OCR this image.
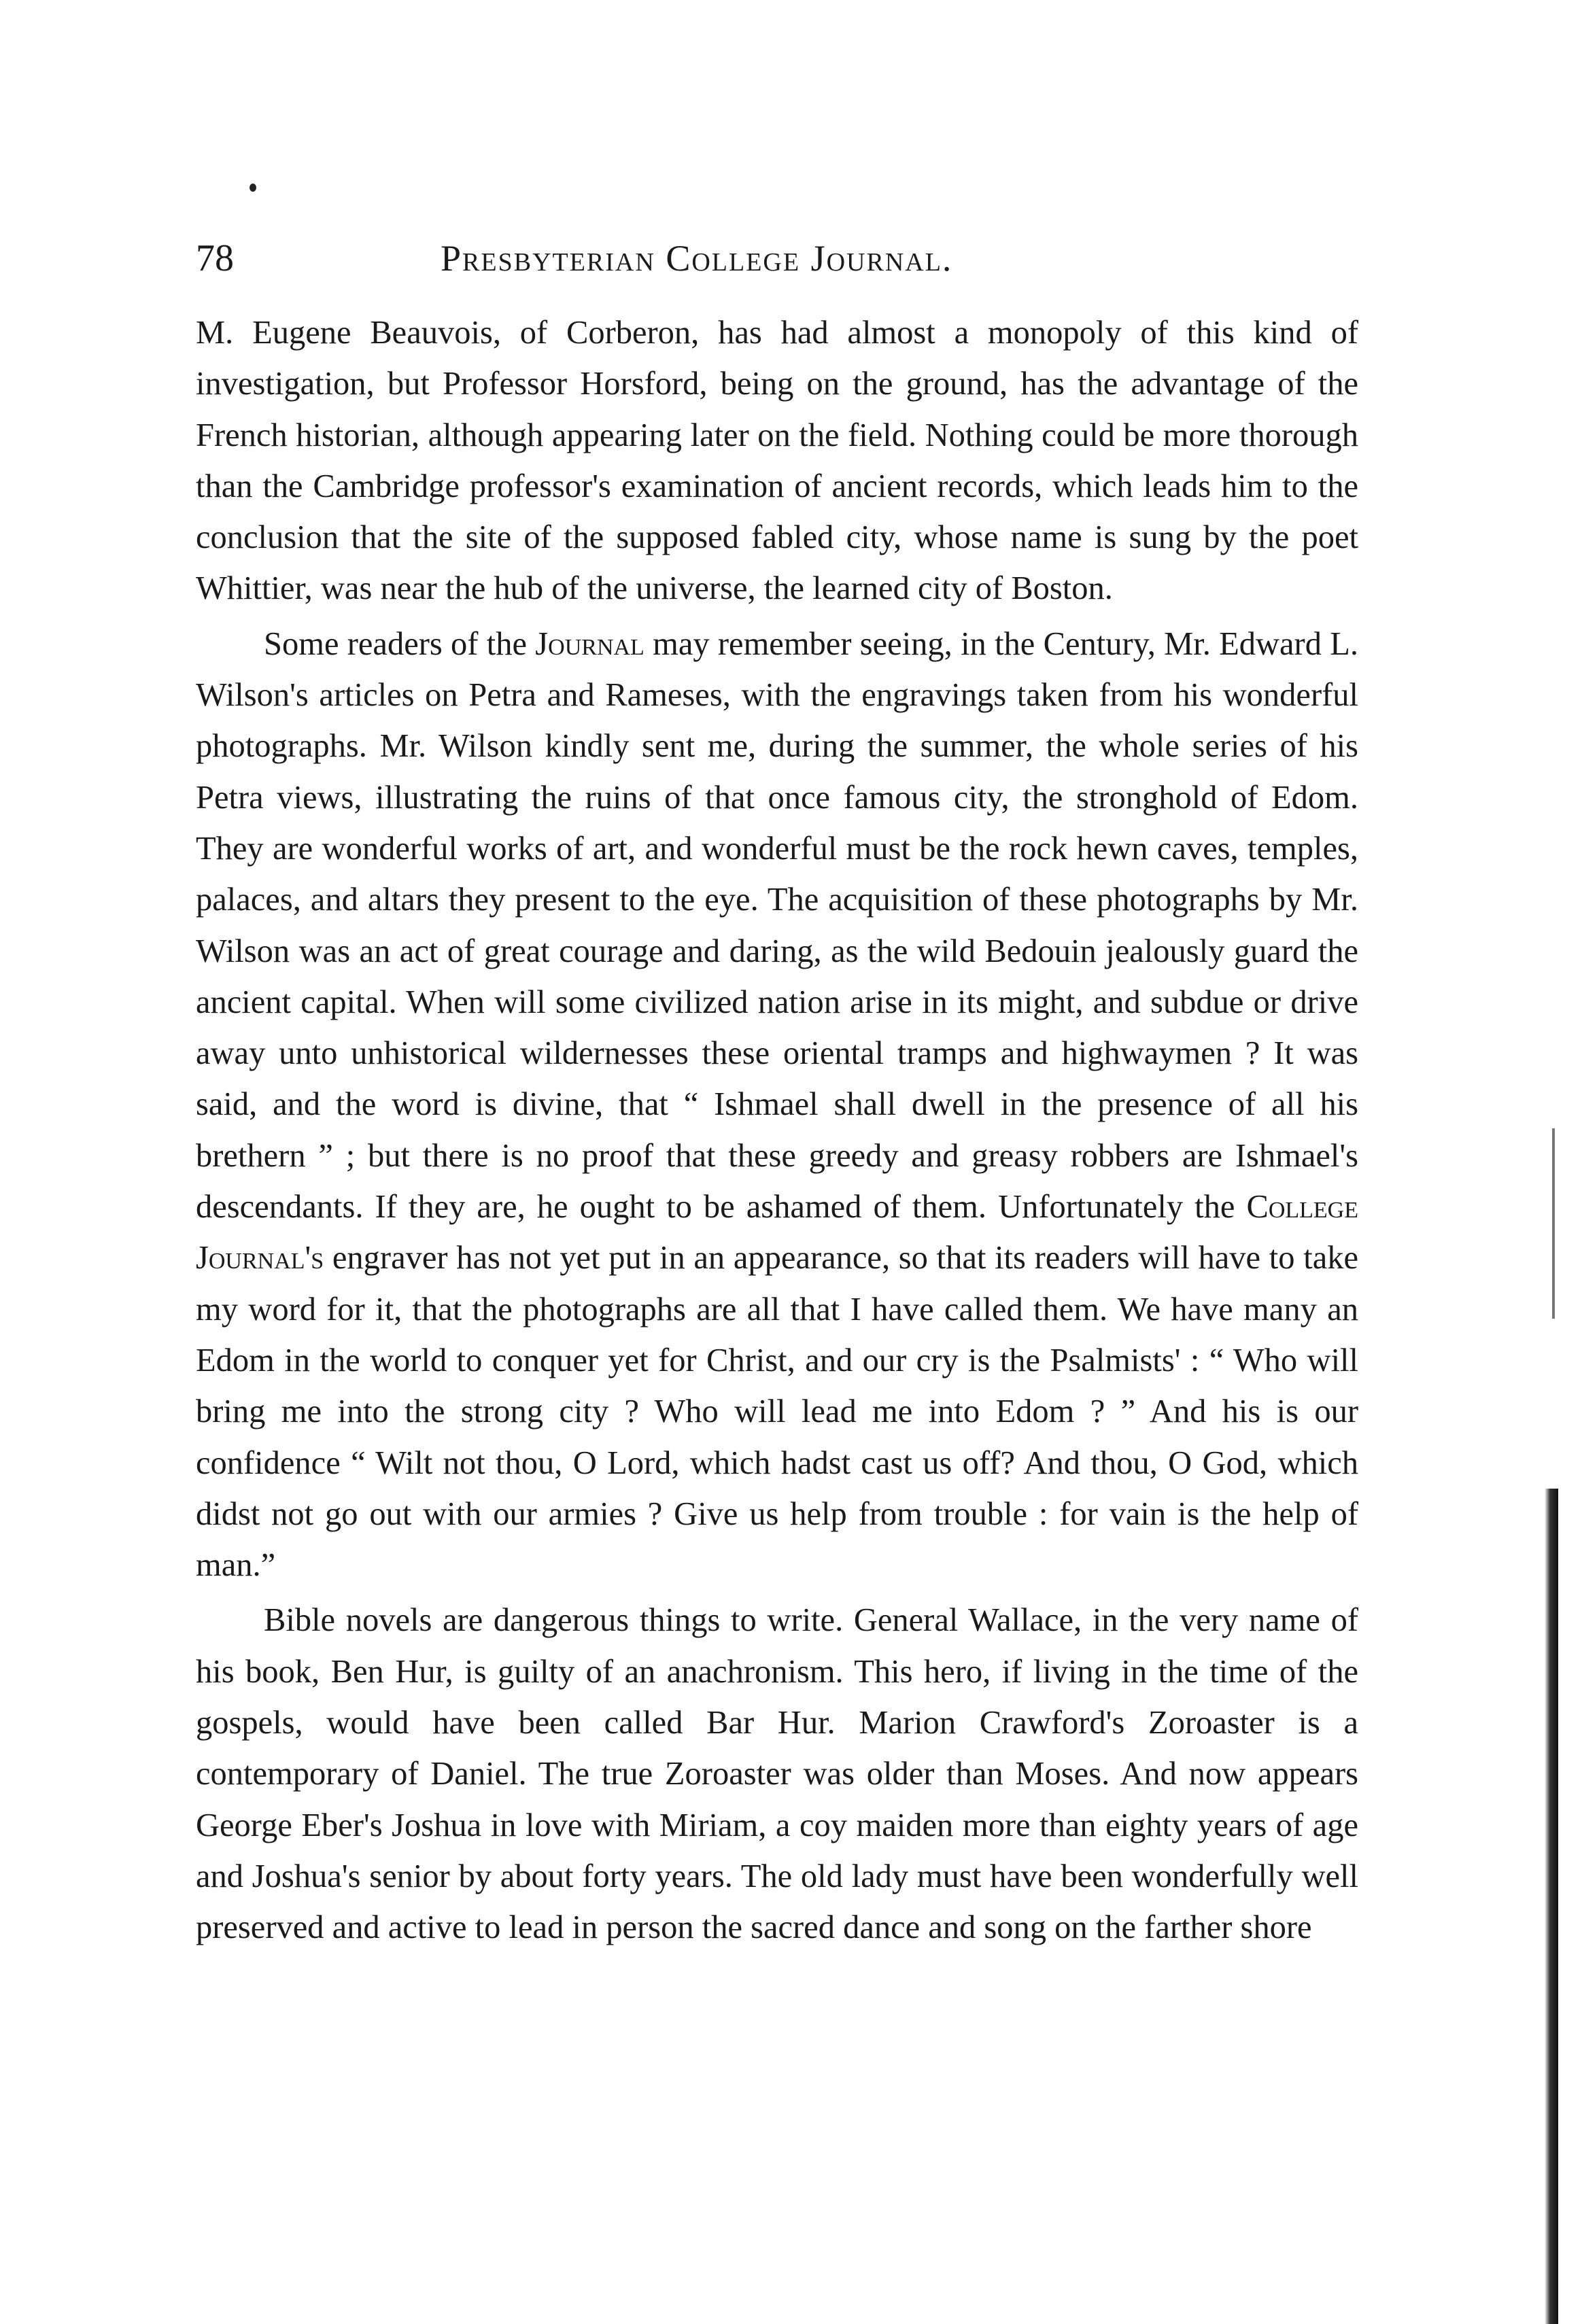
78	Presbyterian College Journal.

M. Eugene Beauvois, of Corberon, has had almost a monopoly of this kind of investigation, but Professor Horsford, being on the ground, has the advantage of the French historian, although appearing later on the field. Nothing could be more thorough than the Cambridge professor's examination of ancient records, which leads him to the conclusion that the site of the supposed fabled city, whose name is sung by the poet Whittier, was near the hub of the universe, the learned city of Boston.

Some readers of the Journal may remember seeing, in the Century, Mr. Edward L. Wilson's articles on Petra and Rameses, with the engravings taken from his wonderful photographs. Mr. Wilson kindly sent me, during the summer, the whole series of his Petra views, illustrating the ruins of that once famous city, the stronghold of Edom. They are wonderful works of art, and wonderful must be the rock hewn caves, temples, palaces, and altars they present to the eye. The acquisition of these photographs by Mr. Wilson was an act of great courage and daring, as the wild Bedouin jealously guard the ancient capital. When will some civilized nation arise in its might, and subdue or drive away unto unhistorical wildernesses these oriental tramps and highwaymen ? It was said, and the word is divine, that “ Ishmael shall dwell in the presence of all his brethern ” ; but there is no proof that these greedy and greasy robbers are Ishmael's descendants. If they are, he ought to be ashamed of them. Unfortunately the College Journal's engraver has not yet put in an appearance, so that its readers will have to take my word for it, that the photographs are all that I have called them. We have many an Edom in the world to conquer yet for Christ, and our cry is the Psalmists' : “ Who will bring me into the strong city ? Who will lead me into Edom ? ” And his is our confidence “ Wilt not thou, O Lord, which hadst cast us off? And thou, O God, which didst not go out with our armies ? Give us help from trouble : for vain is the help of man.”

Bible novels are dangerous things to write. General Wallace, in the very name of his book, Ben Hur, is guilty of an anachronism. This hero, if living in the time of the gospels, would have been called Bar Hur. Marion Crawford's Zoroaster is a contemporary of Daniel. The true Zoroaster was older than Moses. And now appears George Eber's Joshua in love with Miriam, a coy maiden more than eighty years of age and Joshua's senior by about forty years. The old lady must have been wonderfully well preserved and active to lead in person the sacred dance and song on the farther shore
